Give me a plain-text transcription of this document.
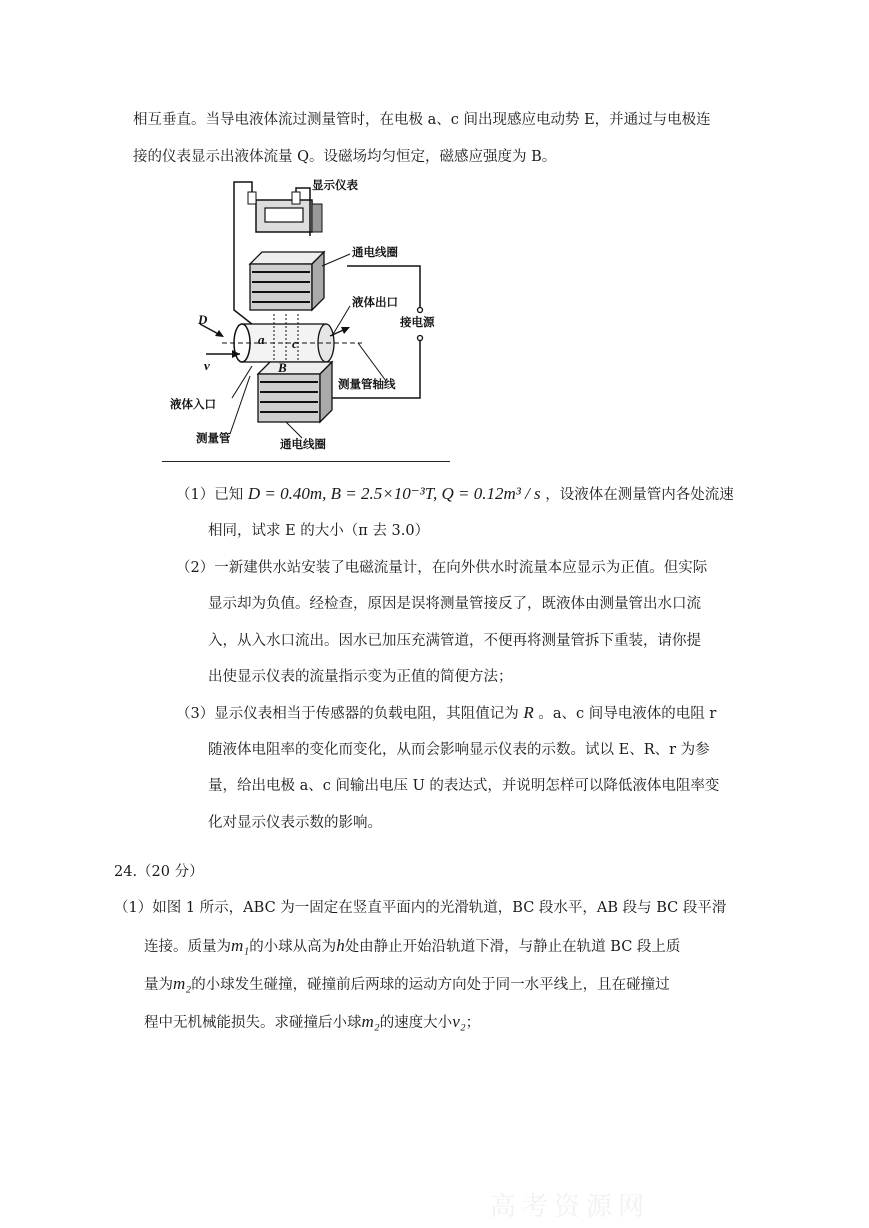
相互垂直。当导电液体流过测量管时，在电极 a、c 间出现感应电动势 E，并通过与电极连
接的仪表显示出液体流量 Q。设磁场均匀恒定，磁感应强度为 B。
显示仪表
通电线圈
液体出口
接电源
测量管轴线
液体入口
测量管	通电线圈
D
v
a c
B
（1）已知 D = 0.40m, B = 2.5×10⁻³T, Q = 0.12m³ / s ，设液体在测量管内各处流速
相同，试求 E 的大小（π 去 3.0）
（2）一新建供水站安装了电磁流量计，在向外供水时流量本应显示为正值。但实际
显示却为负值。经检查，原因是误将测量管接反了，既液体由测量管出水口流
入，从入水口流出。因水已加压充满管道，不便再将测量管拆下重装，请你提
出使显示仪表的流量指示变为正值的简便方法；
（3）显示仪表相当于传感器的负载电阻，其阻值记为 R 。a、c 间导电液体的电阻 r
随液体电阻率的变化而变化，从而会影响显示仪表的示数。试以 E、R、r 为参
量，给出电极 a、c 间输出电压 U 的表达式，并说明怎样可以降低液体电阻率变
化对显示仪表示数的影响。
24.（20 分）
（1）如图 1 所示，ABC 为一固定在竖直平面内的光滑轨道，BC 段水平，AB 段与 BC 段平滑
连接。质量为m₁的小球从高为h处由静止开始沿轨道下滑，与静止在轨道 BC 段上质
量为m₂的小球发生碰撞，碰撞前后两球的运动方向处于同一水平线上，且在碰撞过
程中无机械能损失。求碰撞后小球m₂的速度大小v₂；
高考资源网
